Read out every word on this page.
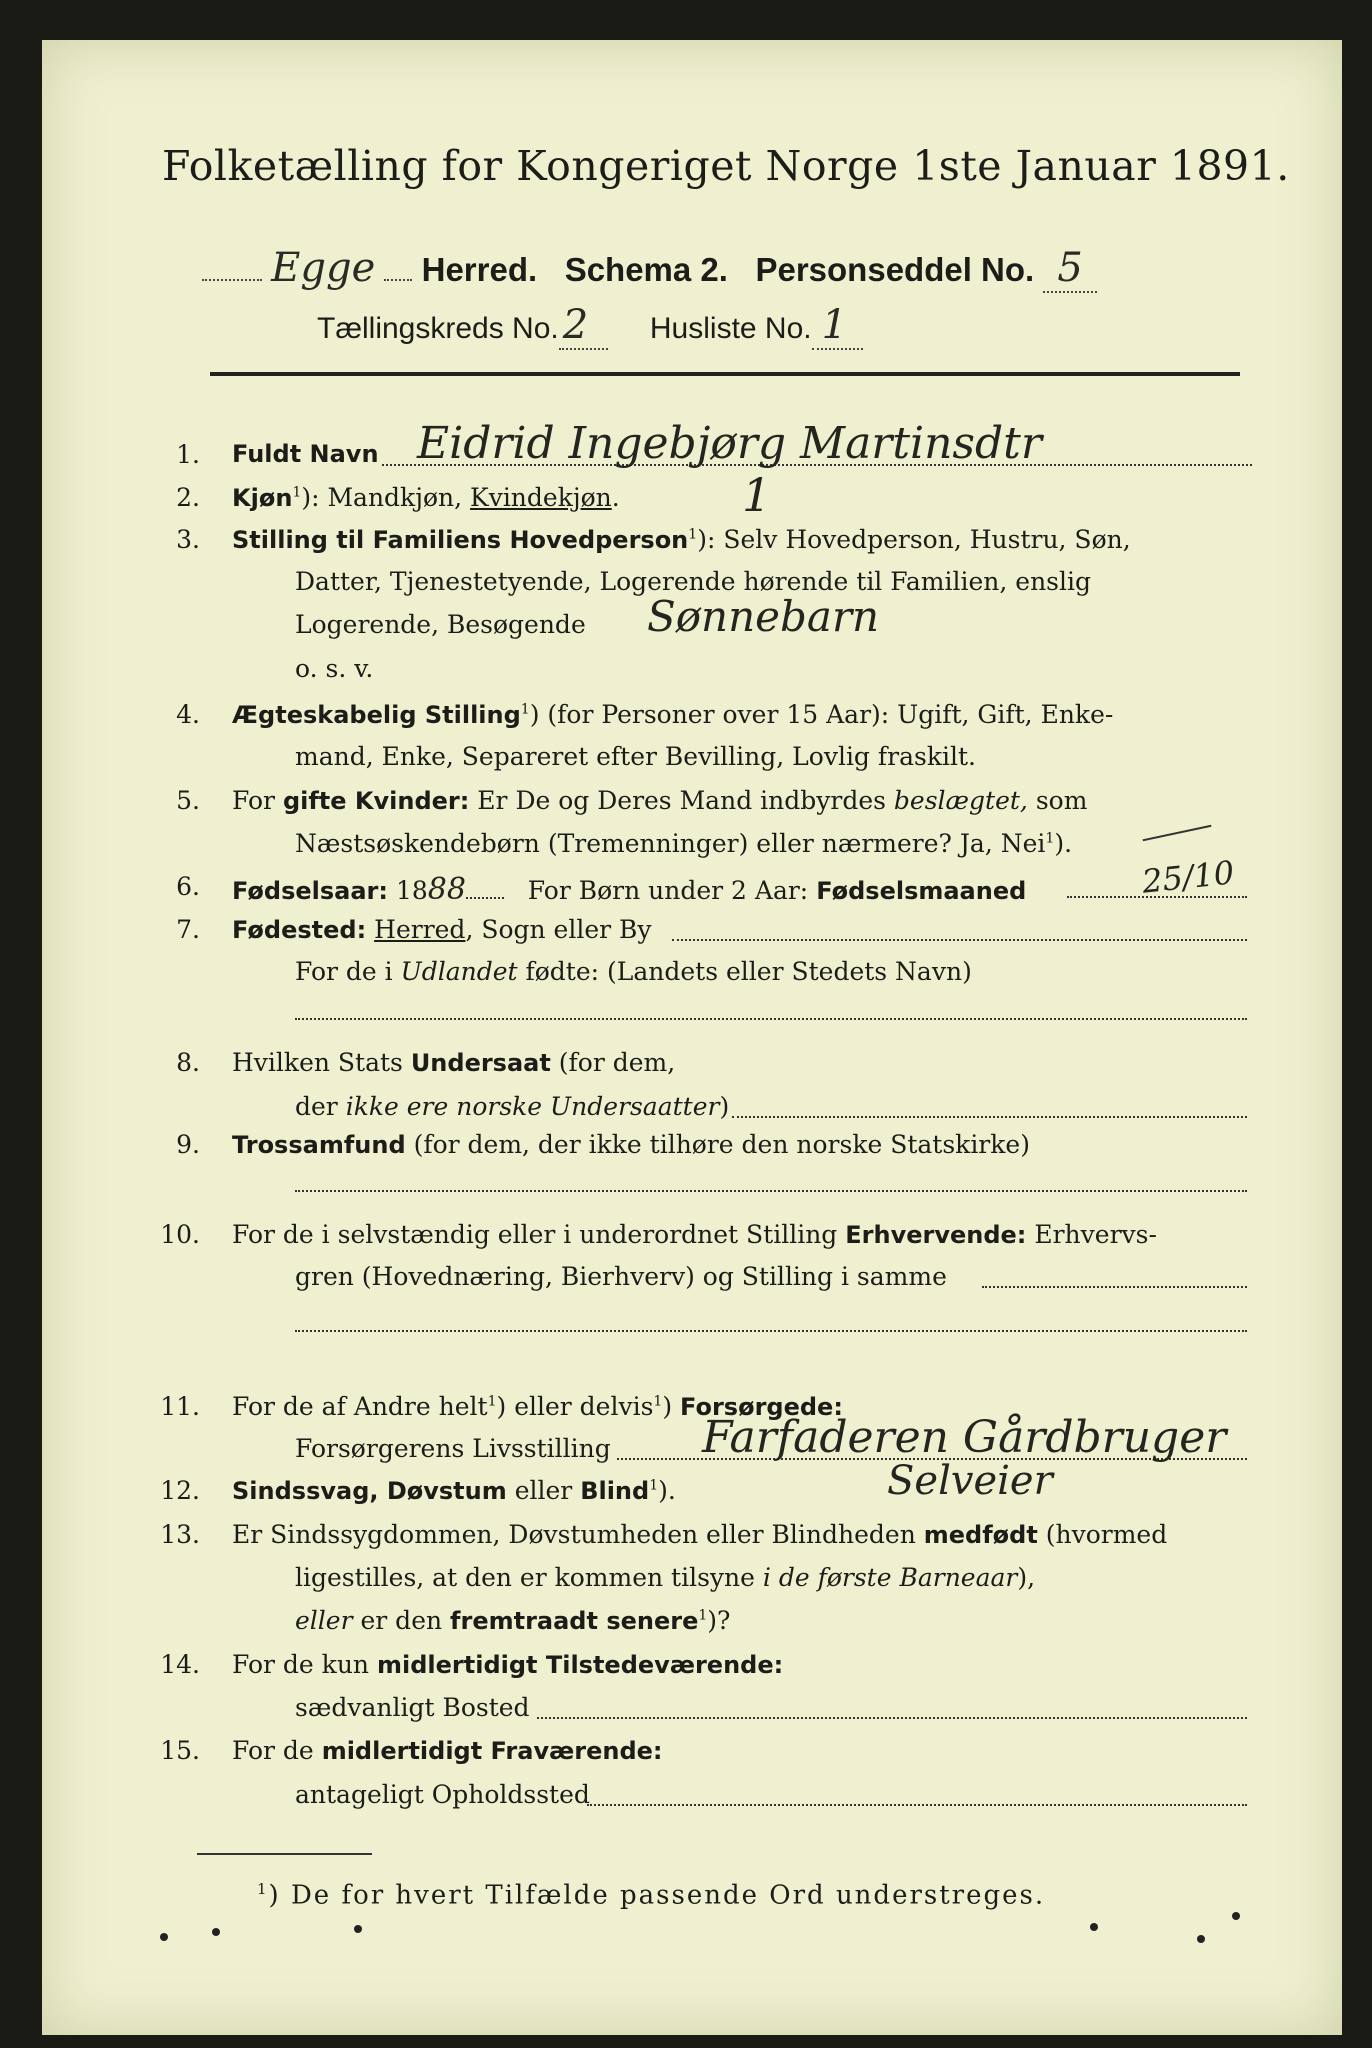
Folketælling for Kongeriget Norge 1ste Januar 1891.
Egge Herred. Schema 2. Personseddel No. 5
Tællingskreds No. 2 Husliste No. 1
1. Fuldt Navn Eidrid Ingebjørg Martinsdtr
2. Kjøn$^1$): Mandkjøn, Kvindekjøn.	1
3. Stilling til Familiens Hovedperson$^1$): Selv Hovedperson, Hustru, Søn,
Datter, Tjenestetyende, Logerende hørende til Familien, enslig
Logerende, Besøgende Sønnebarn
o. s. v.
4. Ægteskabelig Stilling$^1$) (for Personer over 15 Aar): Ugift, Gift, Enke-
mand, Enke, Separeret efter Bevilling, Lovlig fraskilt.
5. For gifte Kvinder: Er De og Deres Mand indbyrdes beslægtet, som
Næstsøskendebørn (Tremenninger) eller nærmere? Ja, Nei$^1$).
6. Fødselsaar: 1888 For Børn under 2 Aar: Fødselsmaaned	25/10
7. Fødested: Herred, Sogn eller By
For de i Udlandet fødte: (Landets eller Stedets Navn)
8. Hvilken Stats Undersaat (for dem,
der ikke ere norske Undersaatter)
9. Trossamfund (for dem, der ikke tilhøre den norske Statskirke)
10. For de i selvstændig eller i underordnet Stilling Erhvervende: Erhvervs-
gren (Hovednæring, Bierhverv) og Stilling i samme
11. For de af Andre helt$^1$) eller delvis$^1$) Forsørgede:
Forsørgerens Livsstilling Farfaderen Gårdbruger
12. Sindssvag, Døvstum eller Blind$^1$).	Selveier
13. Er Sindssygdommen, Døvstumheden eller Blindheden medfødt (hvormed
ligestilles, at den er kommen tilsyne i de første Barneaar),
eller er den fremtraadt senere$^1$)?
14. For de kun midlertidigt Tilstedeværende:
sædvanligt Bosted
15. For de midlertidigt Fraværende:
antageligt Opholdssted
$^1$) De for hvert Tilfælde passende Ord understreges.
